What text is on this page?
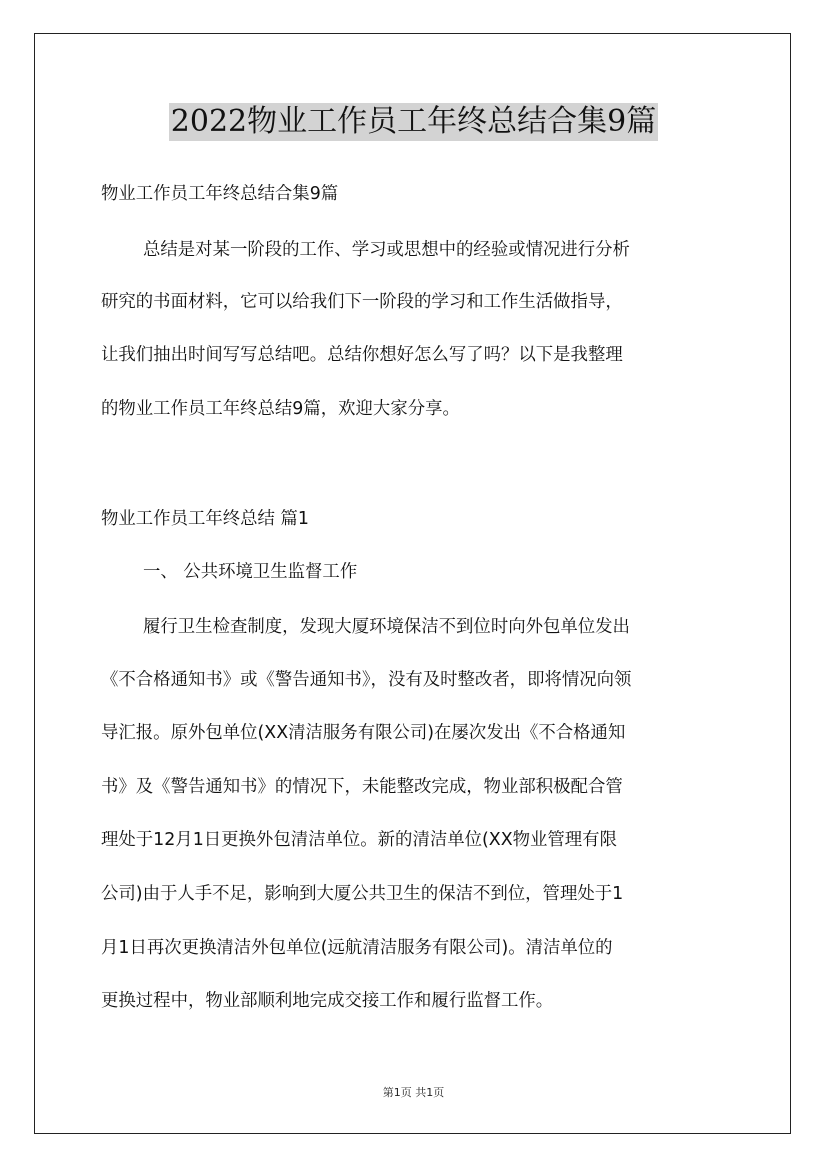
2022物业工作员工年终总结合集9篇
物业工作员工年终总结合集9篇
总结是对某一阶段的工作、学习或思想中的经验或情况进行分析
研究的书面材料，它可以给我们下一阶段的学习和工作生活做指导，
让我们抽出时间写写总结吧。总结你想好怎么写了吗？以下是我整理
的物业工作员工年终总结9篇，欢迎大家分享。
物业工作员工年终总结 篇1
一、 公共环境卫生监督工作
履行卫生检查制度，发现大厦环境保洁不到位时向外包单位发出
《不合格通知书》或《警告通知书》，没有及时整改者，即将情况向领
导汇报。原外包单位(XX清洁服务有限公司)在屡次发出《不合格通知
书》及《警告通知书》的情况下，未能整改完成，物业部积极配合管
理处于12月1日更换外包清洁单位。新的清洁单位(XX物业管理有限
公司)由于人手不足，影响到大厦公共卫生的保洁不到位，管理处于1
月1日再次更换清洁外包单位(远航清洁服务有限公司)。清洁单位的
更换过程中，物业部顺利地完成交接工作和履行监督工作。
第1页 共1页
